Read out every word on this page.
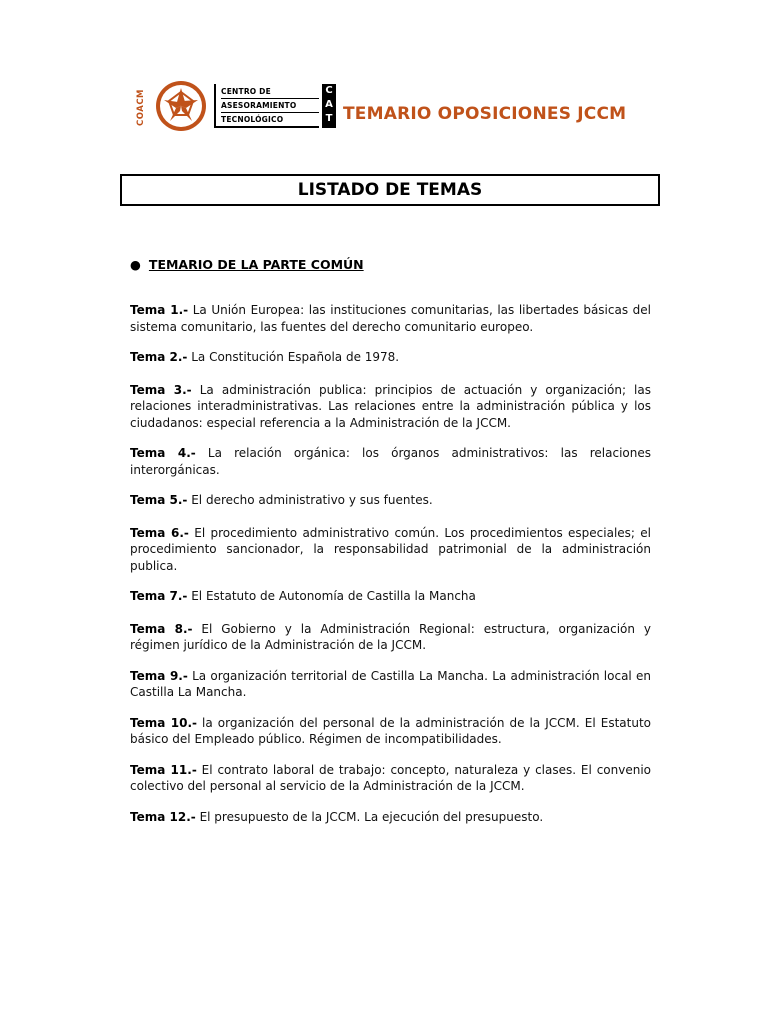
COACM	CENTRO DE
ASESORAMIENTO
TECNOLÓGICO
C
A
T TEMARIO OPOSICIONES JCCM
LISTADO DE TEMAS
● TEMARIO DE LA PARTE COMÚN

Tema 1.- La Unión Europea: las instituciones comunitarias, las libertades básicas del sistema comunitario, las fuentes del derecho comunitario europeo.

Tema 2.- La Constitución Española de 1978.

Tema 3.- La administración publica: principios de actuación y organización; las relaciones interadministrativas. Las relaciones entre la administración pública y los ciudadanos: especial referencia a la Administración de la JCCM.

Tema 4.- La relación orgánica: los órganos administrativos: las relaciones interorgánicas.

Tema 5.- El derecho administrativo y sus fuentes.

Tema 6.- El procedimiento administrativo común. Los procedimientos especiales; el procedimiento sancionador, la responsabilidad patrimonial de la administración publica.

Tema 7.- El Estatuto de Autonomía de Castilla la Mancha

Tema 8.- El Gobierno y la Administración Regional: estructura, organización y régimen jurídico de la Administración de la JCCM.

Tema 9.- La organización territorial de Castilla La Mancha. La administración local en Castilla La Mancha.

Tema 10.- la organización del personal de la administración de la JCCM. El Estatuto básico del Empleado público. Régimen de incompatibilidades.

Tema 11.- El contrato laboral de trabajo: concepto, naturaleza y clases. El convenio colectivo del personal al servicio de la Administración de la JCCM.

Tema 12.- El presupuesto de la JCCM. La ejecución del presupuesto.
